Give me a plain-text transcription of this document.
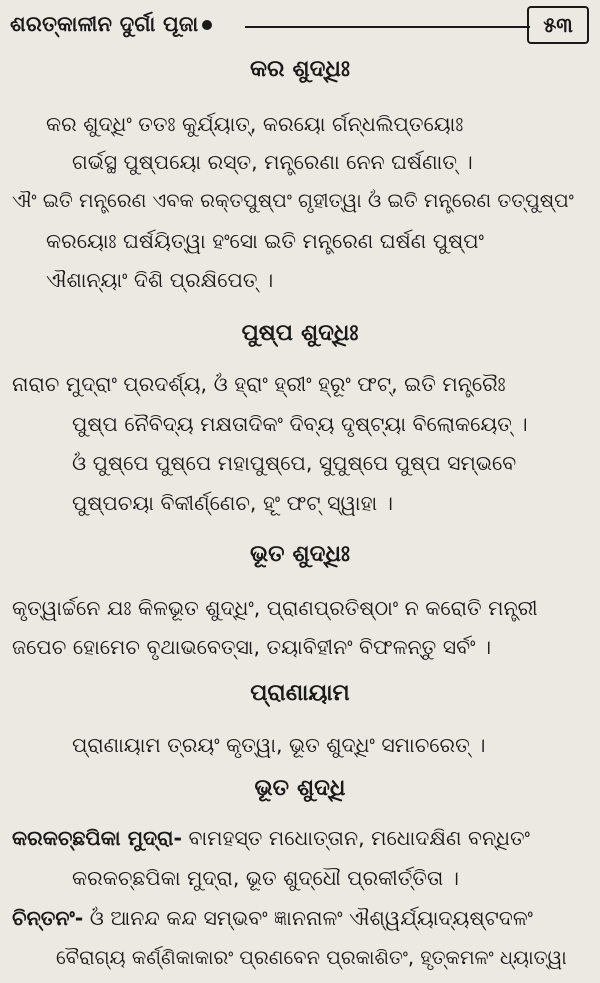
ଶରତ୍କାଳୀନ ଦୁର୍ଗା ପୂଜା	୫୩
କର ଶୁଦ୍ଧିଃ
କର ଶୁଦ୍ଧିଂ ତତଃ କୁର୍ଯ୍ୟାତ୍, କରୟୋ ର୍ଗନ୍ଧଲିପ୍ତୟୋଃ
ଗର୍ଭସ୍ଥ ପୁଷ୍ପୟୋ ରସ୍ତ, ମନ୍ତ୍ରେଣା ନେନ ଘର୍ଷଣାତ୍ ।
ଐଂ ଇତି ମନ୍ତ୍ରେଣ ଏବକ ରକ୍ତପୁଷ୍ପଂ ଗୃହୀତ୍ୱା ଓଁ ଇତି ମନ୍ତ୍ରେଣ ତତ୍ପୁଷ୍ପଂ
କରୟୋଃ ଘର୍ଷୟିତ୍ୱା ହଂସୋ ଇତି ମନ୍ତ୍ରେଣ ଘର୍ଷଣ ପୁଷ୍ପଂ
ଐଶାନ୍ୟାଂ ଦିଶି ପ୍ରକ୍ଷିପେତ୍ ।
ପୁଷ୍ପ ଶୁଦ୍ଧିଃ
ନାରାଚ ମୁଦ୍ରାଂ ପ୍ରଦର୍ଶ୍ୟ, ଓଁ ହ୍ରାଂ ହ୍ରୀଂ ହ୍ରୂଂ ଫଟ୍, ଇତି ମନ୍ତ୍ରୈଃ
ପୁଷ୍ପ ନୈବିଦ୍ୟ ମକ୍ଷତାଦିକଂ ଦିବ୍ୟ ଦୃଷ୍ଟ୍ୟା ବିଲୋକୟେତ୍ ।
ଓଁ ପୁଷ୍ପେ ପୁଷ୍ପେ ମହାପୁଷ୍ପେ, ସୁପୁଷ୍ପେ ପୁଷ୍ପ ସମ୍ଭବେ
ପୁଷ୍ପଚୟା ବିକୀର୍ଣ୍ଣେଚ, ହୂଂ ଫଟ୍ ସ୍ୱାହା ।
ଭୂତ ଶୁଦ୍ଧିଃ
କୃତ୍ୱାର୍ଚ୍ଚନେ ଯଃ କିଳଭୂତ ଶୁଦ୍ଧିଂ, ପ୍ରାଣପ୍ରତିଷ୍ଠାଂ ନ କରୋତି ମନ୍ତ୍ରୀ
ଜପେଚ ହୋମେଚ ବୃଥାଭବେତ୍‌ସା, ତୟାବିହୀନଂ ବିଫଳନ୍ତୁ ସର୍ବଂ ।
ପ୍ରାଣାୟାମ
ପ୍ରାଣାୟାମ ତ୍ରୟଂ କୃତ୍ୱା, ଭୂତ ଶୁଦ୍ଧିଂ ସମାଚରେତ୍ ।
ଭୂତ ଶୁଦ୍ଧି
କରକଚ୍ଛପିକା ମୁଦ୍ରା- ବାମହସ୍ତ ମଧୋତ୍ତାନ, ମଧୋଦକ୍ଷିଣ ବନ୍ଧିତଂ
କରକଚ୍ଛପିକା ମୁଦ୍ରା, ଭୂତ ଶୁଦ୍ଧୌ ପ୍ରକୀର୍ତ୍ତିତା ।
ଚିନ୍ତନଂ- ଓଁ ଆନନ୍ଦ କନ୍ଦ ସମ୍ଭବଂ ଜ୍ଞାନନାଳଂ ଐଶ୍ୱର୍ଯ୍ୟାଦ୍ୟଷ୍ଟଦଳଂ
ବୈରାଗ୍ୟ କର୍ଣ୍ଣିକାକାରଂ ପ୍ରଣବେନ ପ୍ରକାଶିତଂ, ହୃତ୍କମଳଂ ଧ୍ୟାତ୍ୱା
